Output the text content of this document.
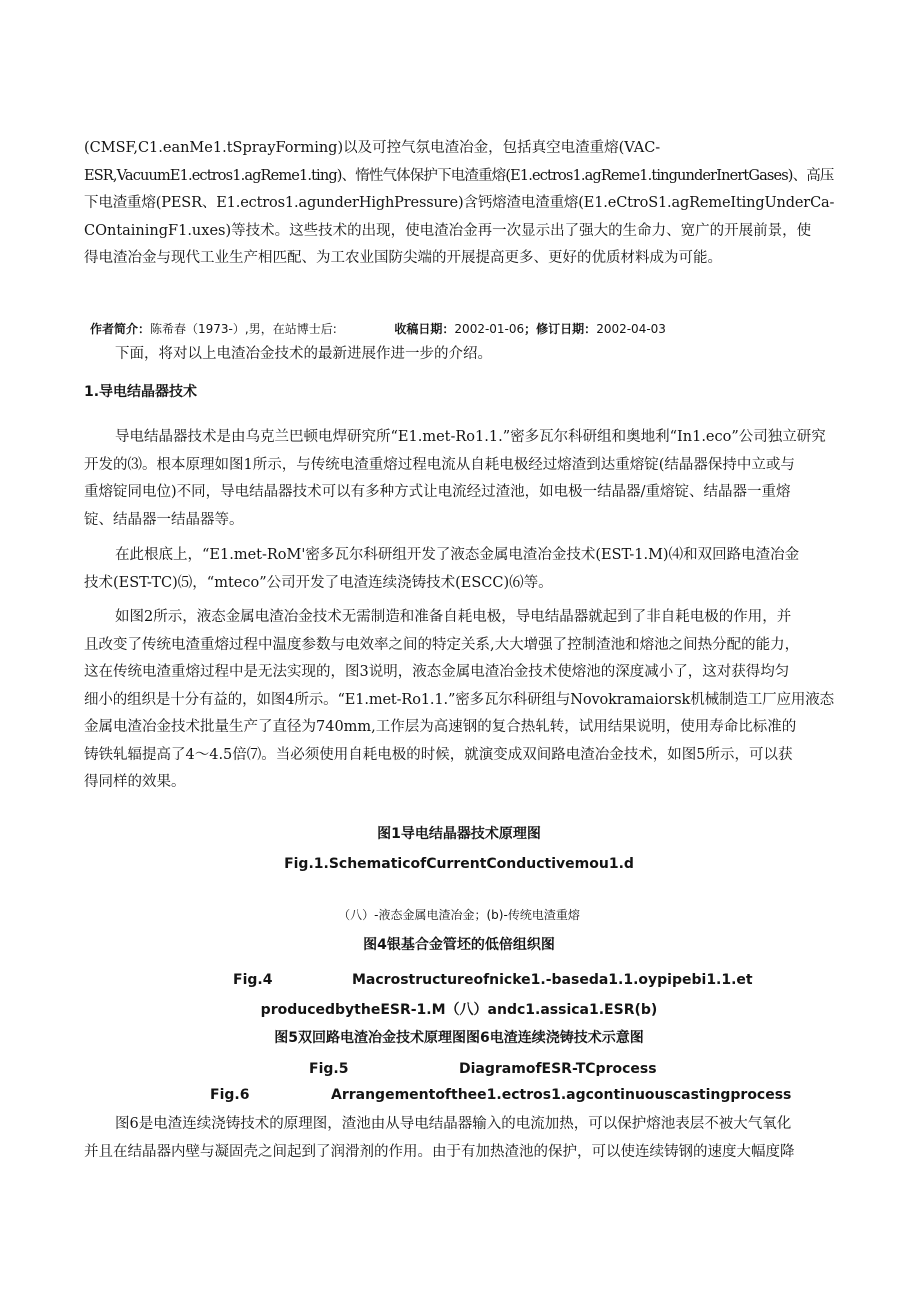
(CMSF,C1.eanMe1.tSprayForming)以及可控气氛电渣冶金，包括真空电渣重熔(VAC-
ESR,VacuumE1.ectros1.agReme1.ting)、惰性气体保护下电渣重熔(E1.ectros1.agReme1.tingunderInertGases)、高压
下电渣重熔(PESR、E1.ectros1.agunderHighPressure)含钙熔渣电渣重熔(E1.eCtroS1.agRemeItingUnderCa-
COntainingF1.uxes)等技术。这些技术的出现，使电渣冶金再一次显示出了强大的生命力、宽广的开展前景，使
得电渣冶金与现代工业生产相匹配、为工农业国防尖端的开展提高更多、更好的优质材料成为可能。
作者简介：陈希春（1973-）,男，在站博士后:	收稿日期：2002-01-06；修订日期：2002-04-03
下面，将对以上电渣冶金技术的最新进展作进一步的介绍。
1.导电结晶器技术
导电结晶器技术是由乌克兰巴顿电焊研究所“E1.met-Ro1.1.”密多瓦尔科研组和奥地利“In1.eco”公司独立研究
开发的⑶。根本原理如图1所示，与传统电渣重熔过程电流从自耗电极经过熔渣到达重熔锭(结晶器保持中立或与
重熔锭同电位)不同，导电结晶器技术可以有多种方式让电流经过渣池，如电极一结晶器/重熔锭、结晶器一重熔
锭、结晶器一结晶器等。
在此根底上，“E1.met-RoM'密多瓦尔科研组开发了液态金属电渣冶金技术(EST-1.M)⑷和双回路电渣冶金
技术(EST-TC)⑸，“mteco”公司开发了电渣连续浇铸技术(ESCC)⑹等。
如图2所示，液态金属电渣冶金技术无需制造和准备自耗电极，导电结晶器就起到了非自耗电极的作用，并
且改变了传统电渣重熔过程中温度参数与电效率之间的特定关系,大大增强了控制渣池和熔池之间热分配的能力，
这在传统电渣重熔过程中是无法实现的，图3说明，液态金属电渣冶金技术使熔池的深度减小了，这对获得均匀
细小的组织是十分有益的，如图4所示。“E1.met-Ro1.1.”密多瓦尔科研组与Novokramaiorsk机械制造工厂应用液态
金属电渣冶金技术批量生产了直径为740mm,工作层为高速钢的复合热轧转，试用结果说明，使用寿命比标准的
铸铁轧辐提高了4～4.5倍⑺。当必须使用自耗电极的时候，就演变成双间路电渣冶金技术，如图5所示，可以获
得同样的效果。
图1导电结晶器技术原理图
Fig.1.SchematicofCurrentConductivemou1.d
（八）-液态金属电渣冶金；(b)-传统电渣重熔
图4银基合金管坯的低倍组织图
Fig.4	Macrostructureofnicke1.-baseda1.1.oypipebi1.1.et
producedbytheESR-1.M（八）andc1.assica1.ESR(b)
图5双回路电渣冶金技术原理图图6电渣连续浇铸技术示意图
Fig.5	DiagramofESR-TCprocess
Fig.6	Arrangementofthee1.ectros1.agcontinuouscastingprocess
图6是电渣连续浇铸技术的原理图，渣池由从导电结晶器输入的电流加热，可以保护熔池表层不被大气氧化
并且在结晶器内壁与凝固壳之间起到了润滑剂的作用。由于有加热渣池的保护，可以使连续铸钢的速度大幅度降
